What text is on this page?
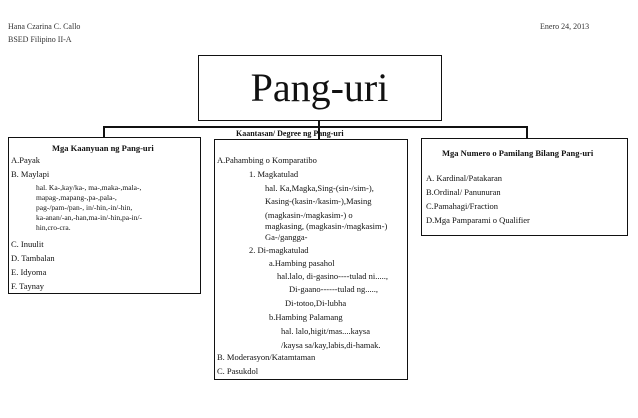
Hana Czarina C. Callo
BSED Filipino II-A
Enero 24, 2013
Pang-uri
Kaantasan/ Degree ng Pang-uri
Mga Kaanyuan ng Pang-uri
A.Payak
B. Maylapi
hal. Ka-,kay/ka-, ma-,maka-,mala-,
mapag-,mapang-,pa-,pala-,
pag-/pam-/pan-, in/-hin,-in/-hin,
ka-anan/-an,-han,ma-in/-hin,pa-in/-
hin,cro-cra.
C. Inuulit
D. Tambalan
E. Idyoma
F. Taynay
A.Pahambing o Komparatibo
1. Magkatulad
hal. Ka,Magka,Sing-(sin-/sim-),
Kasing-(kasin-/kasim-),Masing
(magkasin-/magkasim-) o
magkasing, (magkasin-/magkasim-)
Ga-/gangga-
2. Di-magkatulad
a.Hambing pasahol
hal.lalo, di-gasino----tulad ni.....,
Di-gaano------tulad ng.....,
Di-totoo,Di-lubha
b.Hambing Palamang
hal. lalo,higit/mas....kaysa
/kaysa sa/kay,labis,di-hamak.
B. Moderasyon/Katamtaman
C. Pasukdol
Mga Numero o Pamilang Bilang Pang-uri
A. Kardinal/Patakaran
B.Ordinal/ Panunuran
C.Pamahagi/Fraction
D.Mga Pamparami o Qualifier
